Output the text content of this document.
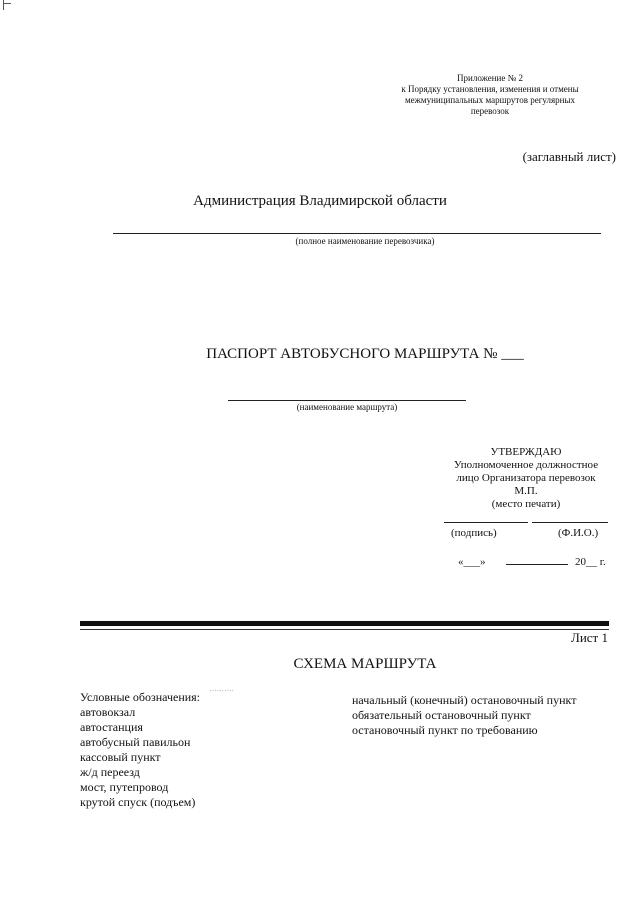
Приложение № 2
к Порядку установления, изменения и отмены
межмуниципальных маршрутов регулярных
перевозок
(заглавный лист)
Администрация Владимирской области
(полное наименование перевозчика)
ПАСПОРТ АВТОБУСНОГО МАРШРУТА № ___
(наименование маршрута)
УТВЕРЖДАЮ
Уполномоченное должностное
лицо Организатора перевозок
М.П.
(место печати)
(подпись)	(Ф.И.О.)
«___»	20__ г.
Лист 1
СХЕМА МАРШРУТА
Условные обозначения:
автовокзал
автостанция
автобусный павильон
кассовый пункт
ж/д переезд
мост, путепровод
крутой спуск (подъем)
начальный (конечный) остановочный пункт
обязательный остановочный пункт
остановочный пункт по требованию
